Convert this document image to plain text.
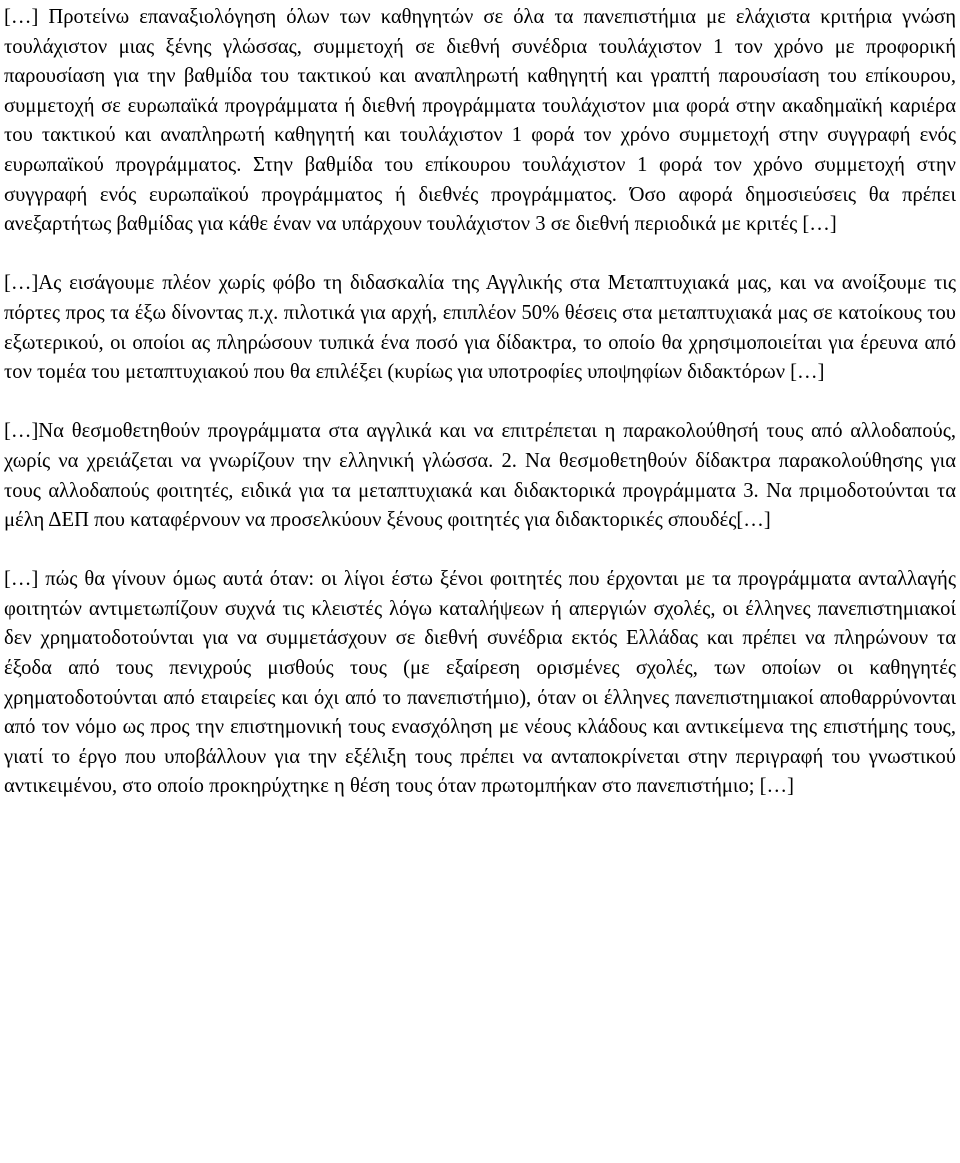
[…] Προτείνω επαναξιολόγηση όλων των καθηγητών σε όλα τα πανεπιστήμια με ελάχιστα κριτήρια γνώση τουλάχιστον μιας ξένης γλώσσας, συμμετοχή σε διεθνή συνέδρια τουλάχιστον 1 τον χρόνο με προφορική παρουσίαση για την βαθμίδα του τακτικού και αναπληρωτή καθηγητή και γραπτή παρουσίαση του επίκουρου, συμμετοχή σε ευρωπαϊκά προγράμματα ή διεθνή προγράμματα τουλάχιστον μια φορά στην ακαδημαϊκή καριέρα του τακτικού και αναπληρωτή καθηγητή και τουλάχιστον 1 φορά τον χρόνο συμμετοχή στην συγγραφή ενός ευρωπαϊκού προγράμματος. Στην βαθμίδα του επίκουρου τουλάχιστον 1 φορά τον χρόνο συμμετοχή στην συγγραφή ενός ευρωπαϊκού προγράμματος ή διεθνές προγράμματος. Όσο αφορά δημοσιεύσεις θα πρέπει ανεξαρτήτως βαθμίδας για κάθε έναν να υπάρχουν τουλάχιστον 3 σε διεθνή περιοδικά με κριτές […]

[…]Ας εισάγουμε πλέον χωρίς φόβο τη διδασκαλία της Αγγλικής στα Μεταπτυχιακά μας, και να ανοίξουμε τις πόρτες προς τα έξω δίνοντας π.χ. πιλοτικά για αρχή, επιπλέον 50% θέσεις στα μεταπτυχιακά μας σε κατοίκους του εξωτερικού, οι οποίοι ας πληρώσουν τυπικά ένα ποσό για δίδακτρα, το οποίο θα χρησιμοποιείται για έρευνα από τον τομέα του μεταπτυχιακού που θα επιλέξει (κυρίως για υποτροφίες υποψηφίων διδακτόρων […]

[…]Να θεσμοθετηθούν προγράμματα στα αγγλικά και να επιτρέπεται η παρακολούθησή τους από αλλοδαπούς, χωρίς να χρειάζεται να γνωρίζουν την ελληνική γλώσσα. 2. Να θεσμοθετηθούν δίδακτρα παρακολούθησης για τους αλλοδαπούς φοιτητές, ειδικά για τα μεταπτυχιακά και διδακτορικά προγράμματα 3. Να πριμοδοτούνται τα μέλη ΔΕΠ που καταφέρνουν να προσελκύουν ξένους φοιτητές για διδακτορικές σπουδές[…]

[…] πώς θα γίνουν όμως αυτά όταν: οι λίγοι έστω ξένοι φοιτητές που έρχονται με τα προγράμματα ανταλλαγής φοιτητών αντιμετωπίζουν συχνά τις κλειστές λόγω καταλήψεων ή απεργιών σχολές, οι έλληνες πανεπιστημιακοί δεν χρηματοδοτούνται για να συμμετάσχουν σε διεθνή συνέδρια εκτός Ελλάδας και πρέπει να πληρώνουν τα έξοδα από τους πενιχρούς μισθούς τους (με εξαίρεση ορισμένες σχολές, των οποίων οι καθηγητές χρηματοδοτούνται από εταιρείες και όχι από το πανεπιστήμιο), όταν οι έλληνες πανεπιστημιακοί αποθαρρύνονται από τον νόμο ως προς την επιστημονική τους ενασχόληση με νέους κλάδους και αντικείμενα της επιστήμης τους, γιατί το έργο που υποβάλλουν για την εξέλιξη τους πρέπει να ανταποκρίνεται στην περιγραφή του γνωστικού αντικειμένου, στο οποίο προκηρύχτηκε η θέση τους όταν πρωτομπήκαν στο πανεπιστήμιο; […]
